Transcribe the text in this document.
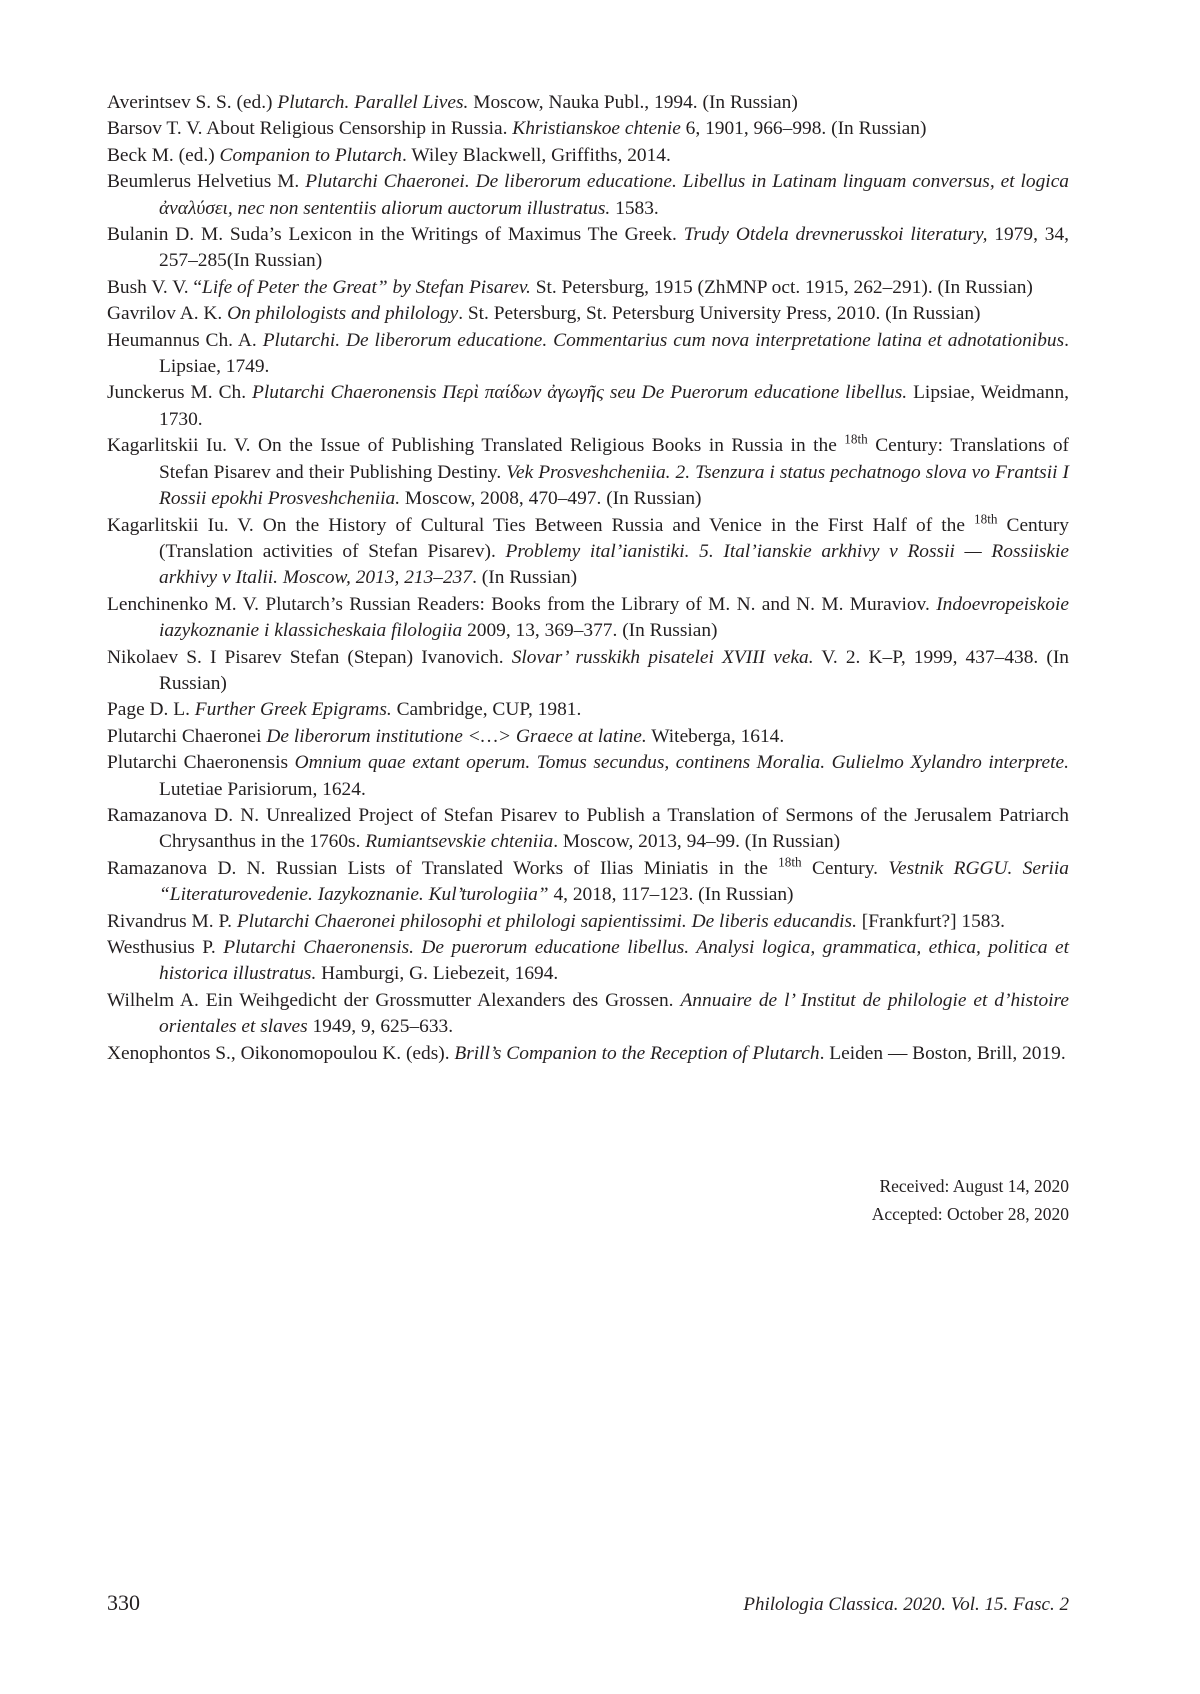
Averintsev S. S. (ed.) Plutarch. Parallel Lives. Moscow, Nauka Publ., 1994. (In Russian)

Barsov T. V. About Religious Censorship in Russia. Khristianskoe chtenie 6, 1901, 966–998. (In Russian)

Beck M. (ed.) Companion to Plutarch. Wiley Blackwell, Griffiths, 2014.

Beumlerus Helvetius M. Plutarchi Chaeronei. De liberorum educatione. Libellus in Latinam linguam conversus, et logica ἀναλύσει, nec non sententiis aliorum auctorum illustratus. 1583.

Bulanin D. M. Suda’s Lexicon in the Writings of Maximus The Greek. Trudy Otdela drevnerusskoi literatury, 1979, 34, 257–285(In Russian)

Bush V. V. “Life of Peter the Great” by Stefan Pisarev. St. Petersburg, 1915 (ZhMNP oct. 1915, 262–291). (In Russian)

Gavrilov A. K. On philologists and philology. St. Petersburg, St. Petersburg University Press, 2010. (In Russian)

Heumannus Ch. A. Plutarchi. De liberorum educatione. Commentarius cum nova interpretatione latina et adnotationibus. Lipsiae, 1749.

Junckerus M. Ch. Plutarchi Chaeronensis Περὶ παίδων ἀγωγῆς seu De Puerorum educatione libellus. Lipsiae, Weidmann, 1730.

Kagarlitskii Iu. V. On the Issue of Publishing Translated Religious Books in Russia in the $^{18th}$ Century: Translations of Stefan Pisarev and their Publishing Destiny. Vek Prosveshcheniia. 2. Tsenzura i status pechatnogo slova vo Frantsii I Rossii epokhi Prosveshcheniia. Moscow, 2008, 470–497. (In Russian)

Kagarlitskii Iu. V. On the History of Cultural Ties Between Russia and Venice in the First Half of the $^{18th}$ Century (Translation activities of Stefan Pisarev). Problemy ital’ianistiki. 5. Ital’ianskie arkhivy v Rossii — Rossiiskie arkhivy v Italii. Moscow, 2013, 213–237. (In Russian)

Lenchinenko M. V. Plutarch’s Russian Readers: Books from the Library of M. N. and N. M. Muraviov. Indoevropeiskoie iazykoznanie i klassicheskaia filologiia 2009, 13, 369–377. (In Russian)

Nikolaev S. I Pisarev Stefan (Stepan) Ivanovich. Slovar’ russkikh pisatelei XVIII veka. V. 2. K–P, 1999, 437–438. (In Russian)

Page D. L. Further Greek Epigrams. Cambridge, CUP, 1981.

Plutarchi Chaeronei De liberorum institutione <…> Graece at latine. Witeberga, 1614.

Plutarchi Chaeronensis Omnium quae extant operum. Tomus secundus, continens Moralia. Gulielmo Xylandro interprete. Lutetiae Parisiorum, 1624.

Ramazanova D. N. Unrealized Project of Stefan Pisarev to Publish a Translation of Sermons of the Jerusalem Patriarch Chrysanthus in the 1760s. Rumiantsevskie chteniia. Moscow, 2013, 94–99. (In Russian)

Ramazanova D. N. Russian Lists of Translated Works of Ilias Miniatis in the $^{18th}$ Century. Vestnik RGGU. Seriia “Literaturovedenie. Iazykoznanie. Kul’turologiia” 4, 2018, 117–123. (In Russian)

Rivandrus M. P. Plutarchi Chaeronei philosophi et philologi sapientissimi. De liberis educandis. [Frankfurt?] 1583.

Westhusius P. Plutarchi Chaeronensis. De puerorum educatione libellus. Analysi logica, grammatica, ethica, politica et historica illustratus. Hamburgi, G. Liebezeit, 1694.

Wilhelm A. Ein Weihgedicht der Grossmutter Alexanders des Grossen. Annuaire de l’ Institut de philologie et d’histoire orientales et slaves 1949, 9, 625–633.

Xenophontos S., Oikonomopoulou K. (eds). Brill’s Companion to the Reception of Plutarch. Leiden — Boston, Brill, 2019.

Received: August 14, 2020
Accepted: October 28, 2020
330	Philologia Classica. 2020. Vol. 15. Fasc. 2
